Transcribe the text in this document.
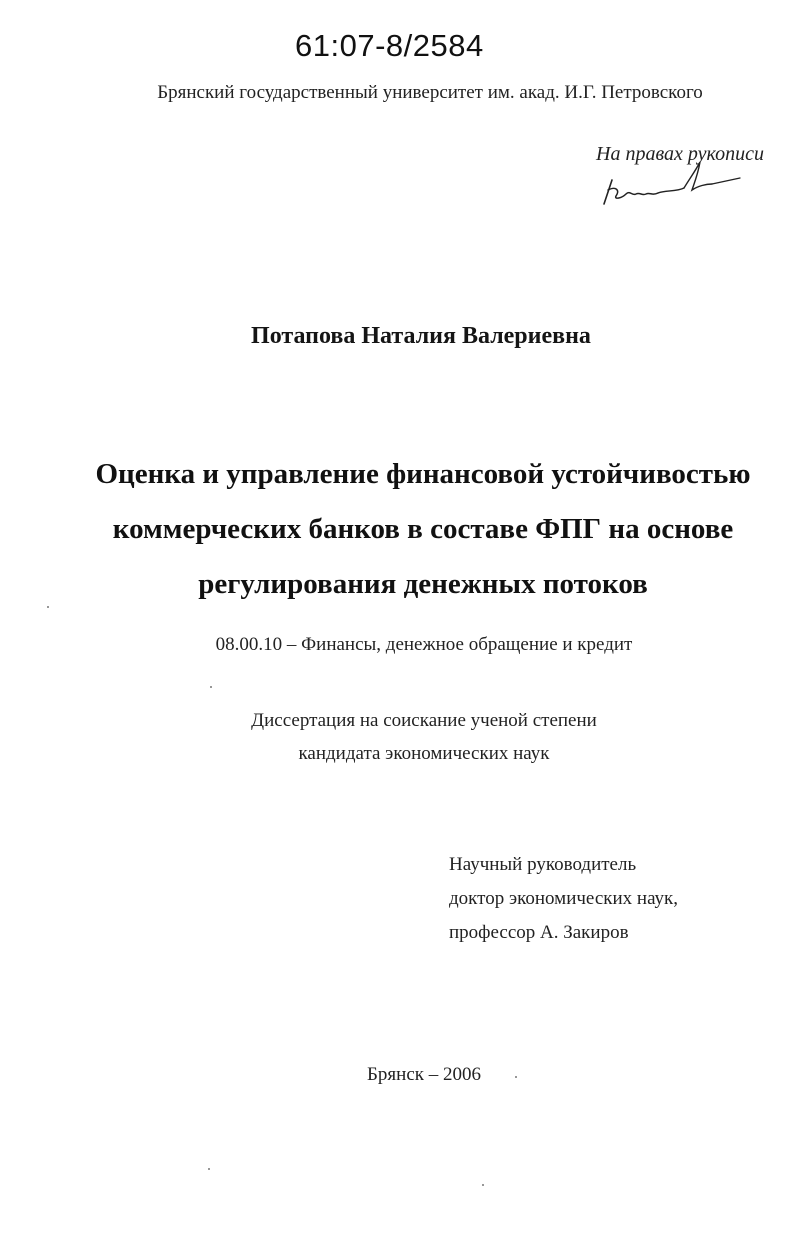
61:07-8/2584
Брянский государственный университет им. акад. И.Г. Петровского
На правах рукописи
Потапова Наталия Валериевна
Оценка и управление финансовой устойчивостью
коммерческих банков в составе ФПГ на основе
регулирования денежных потоков
08.00.10 – Финансы, денежное обращение и кредит
Диссертация на соискание ученой степени
кандидата экономических наук
Научный руководитель
доктор экономических наук,
профессор А. Закиров
Брянск – 2006
